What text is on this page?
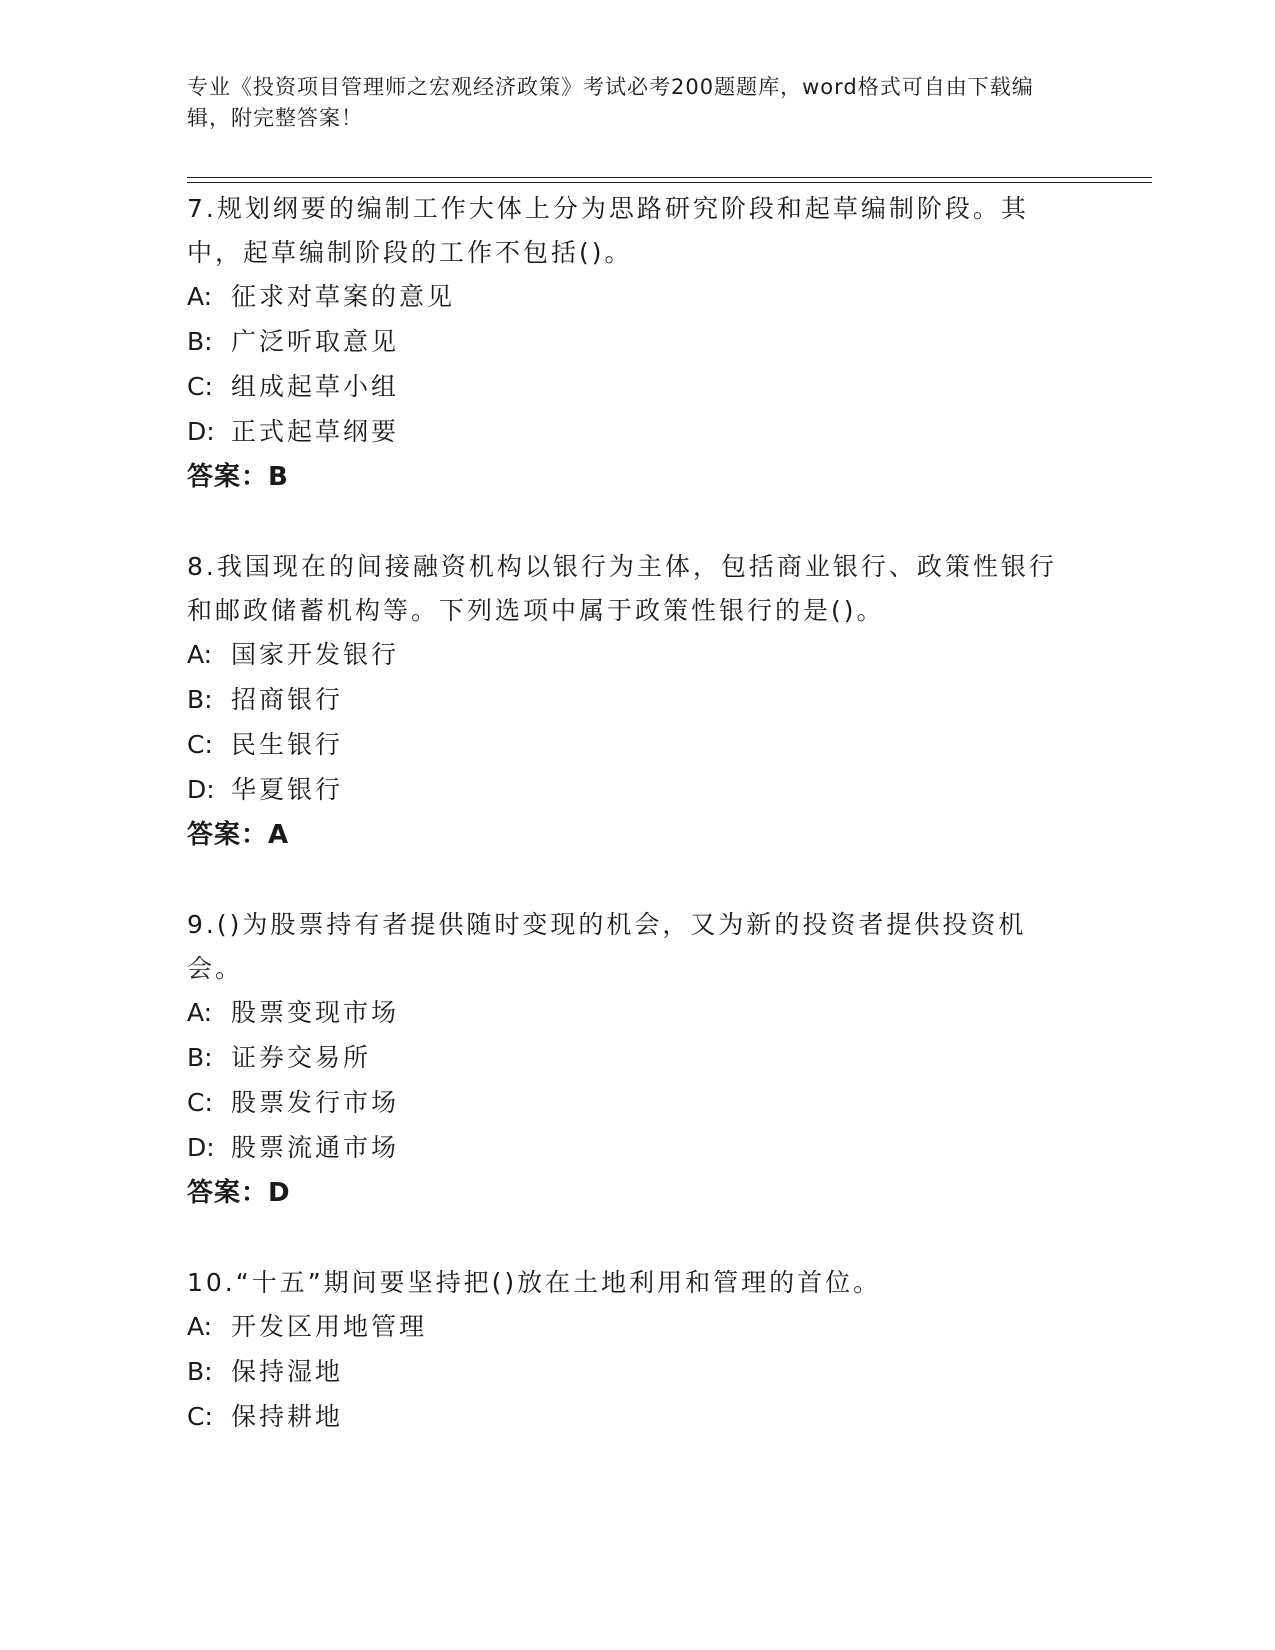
专业《投资项目管理师之宏观经济政策》考试必考200题题库，word格式可自由下载编辑，附完整答案！

7.规划纲要的编制工作大体上分为思路研究阶段和起草编制阶段。其中，起草编制阶段的工作不包括()。

A: 征求对草案的意见

B: 广泛听取意见

C: 组成起草小组

D: 正式起草纲要

答案：B

8.我国现在的间接融资机构以银行为主体，包括商业银行、政策性银行和邮政储蓄机构等。下列选项中属于政策性银行的是()。

A: 国家开发银行

B: 招商银行

C: 民生银行

D: 华夏银行

答案：A

9.()为股票持有者提供随时变现的机会，又为新的投资者提供投资机会。

A: 股票变现市场

B: 证券交易所

C: 股票发行市场

D: 股票流通市场

答案：D

10.“十五”期间要坚持把()放在土地利用和管理的首位。

A: 开发区用地管理

B: 保持湿地

C: 保持耕地
